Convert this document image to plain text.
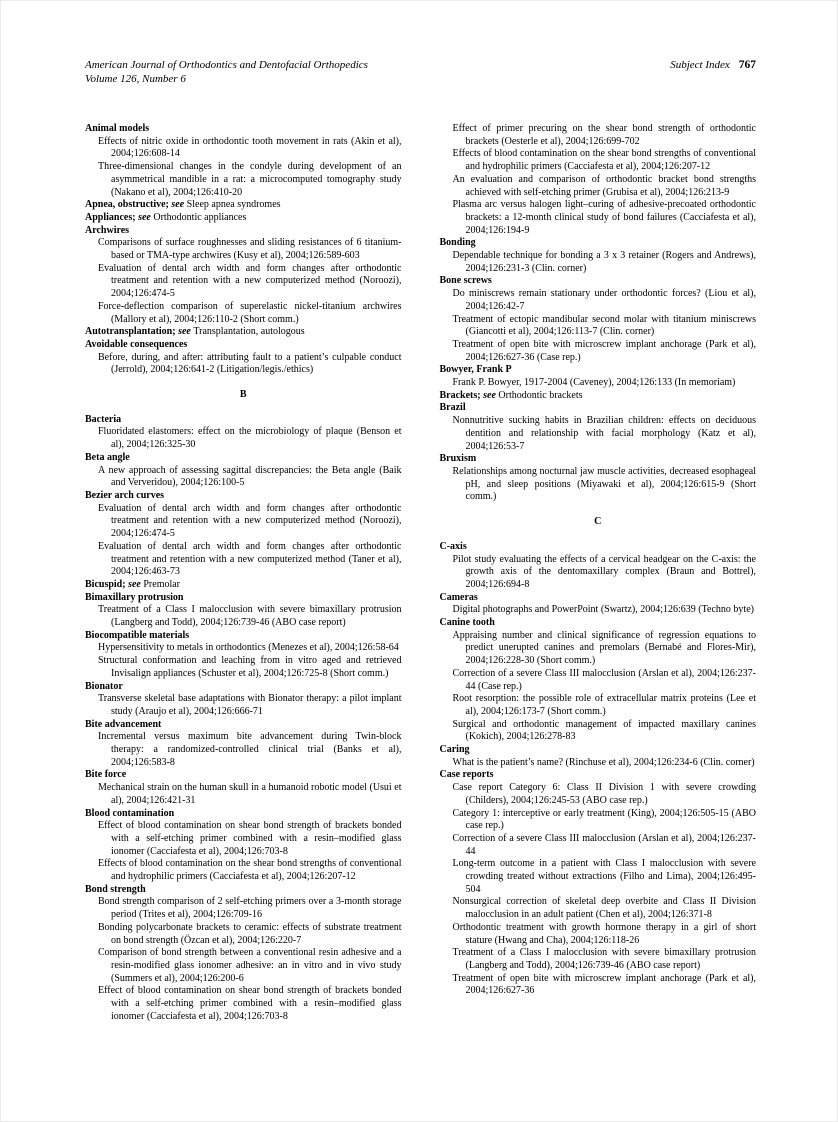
American Journal of Orthodontics and Dentofacial Orthopedics
Volume 126, Number 6
Subject Index 767
Animal models
Effects of nitric oxide in orthodontic tooth movement in rats (Akin et al), 2004;126:608-14
Three-dimensional changes in the condyle during development of an asymmetrical mandible in a rat: a microcomputed tomography study (Nakano et al), 2004;126:410-20
Apnea, obstructive; see Sleep apnea syndromes
Appliances; see Orthodontic appliances
Archwires
Comparisons of surface roughnesses and sliding resistances of 6 titanium-based or TMA-type archwires (Kusy et al), 2004;126:589-603
Evaluation of dental arch width and form changes after orthodontic treatment and retention with a new computerized method (Noroozi), 2004;126:474-5
Force-deflection comparison of superelastic nickel-titanium archwires (Mallory et al), 2004;126:110-2 (Short comm.)
Autotransplantation; see Transplantation, autologous
Avoidable consequences
Before, during, and after: attributing fault to a patient’s culpable conduct (Jerrold), 2004;126:641-2 (Litigation/legis./ethics)
B
Bacteria
Fluoridated elastomers: effect on the microbiology of plaque (Benson et al), 2004;126:325-30
Beta angle
A new approach of assessing sagittal discrepancies: the Beta angle (Baik and Ververidou), 2004;126:100-5
Bezier arch curves
Evaluation of dental arch width and form changes after orthodontic treatment and retention with a new computerized method (Noroozi), 2004;126:474-5
Evaluation of dental arch width and form changes after orthodontic treatment and retention with a new computerized method (Taner et al), 2004;126:463-73
Bicuspid; see Premolar
Bimaxillary protrusion
Treatment of a Class I malocclusion with severe bimaxillary protrusion (Langberg and Todd), 2004;126:739-46 (ABO case report)
Biocompatible materials
Hypersensitivity to metals in orthodontics (Menezes et al), 2004;126:58-64
Structural conformation and leaching from in vitro aged and retrieved Invisalign appliances (Schuster et al), 2004;126:725-8 (Short comm.)
Bionator
Transverse skeletal base adaptations with Bionator therapy: a pilot implant study (Araujo et al), 2004;126:666-71
Bite advancement
Incremental versus maximum bite advancement during Twin-block therapy: a randomized-controlled clinical trial (Banks et al), 2004;126:583-8
Bite force
Mechanical strain on the human skull in a humanoid robotic model (Usui et al), 2004;126:421-31
Blood contamination
Effect of blood contamination on shear bond strength of brackets bonded with a self-etching primer combined with a resin–modified glass ionomer (Cacciafesta et al), 2004;126:703-8
Effects of blood contamination on the shear bond strengths of conventional and hydrophilic primers (Cacciafesta et al), 2004;126:207-12
Bond strength
Bond strength comparison of 2 self-etching primers over a 3-month storage period (Trites et al), 2004;126:709-16
Bonding polycarbonate brackets to ceramic: effects of substrate treatment on bond strength (Özcan et al), 2004;126:220-7
Comparison of bond strength between a conventional resin adhesive and a resin-modified glass ionomer adhesive: an in vitro and in vivo study (Summers et al), 2004;126:200-6
Effect of blood contamination on shear bond strength of brackets bonded with a self-etching primer combined with a resin–modified glass ionomer (Cacciafesta et al), 2004;126:703-8
Effect of primer precuring on the shear bond strength of orthodontic brackets (Oesterle et al), 2004;126:699-702
Effects of blood contamination on the shear bond strengths of conventional and hydrophilic primers (Cacciafesta et al), 2004;126:207-12
An evaluation and comparison of orthodontic bracket bond strengths achieved with self-etching primer (Grubisa et al), 2004;126:213-9
Plasma arc versus halogen light–curing of adhesive-precoated orthodontic brackets: a 12-month clinical study of bond failures (Cacciafesta et al), 2004;126:194-9
Bonding
Dependable technique for bonding a 3 x 3 retainer (Rogers and Andrews), 2004;126:231-3 (Clin. corner)
Bone screws
Do miniscrews remain stationary under orthodontic forces? (Liou et al), 2004;126:42-7
Treatment of ectopic mandibular second molar with titanium miniscrews (Giancotti et al), 2004;126:113-7 (Clin. corner)
Treatment of open bite with microscrew implant anchorage (Park et al), 2004;126:627-36 (Case rep.)
Bowyer, Frank P
Frank P. Bowyer, 1917-2004 (Caveney), 2004;126:133 (In memoriam)
Brackets; see Orthodontic brackets
Brazil
Nonnutritive sucking habits in Brazilian children: effects on deciduous dentition and relationship with facial morphology (Katz et al), 2004;126:53-7
Bruxism
Relationships among nocturnal jaw muscle activities, decreased esophageal pH, and sleep positions (Miyawaki et al), 2004;126:615-9 (Short comm.)
C
C-axis
Pilot study evaluating the effects of a cervical headgear on the C-axis: the growth axis of the dentomaxillary complex (Braun and Bottrel), 2004;126:694-8
Cameras
Digital photographs and PowerPoint (Swartz), 2004;126:639 (Techno byte)
Canine tooth
Appraising number and clinical significance of regression equations to predict unerupted canines and premolars (Bernabé and Flores-Mir), 2004;126:228-30 (Short comm.)
Correction of a severe Class III malocclusion (Arslan et al), 2004;126:237-44 (Case rep.)
Root resorption: the possible role of extracellular matrix proteins (Lee et al), 2004;126:173-7 (Short comm.)
Surgical and orthodontic management of impacted maxillary canines (Kokich), 2004;126:278-83
Caring
What is the patient’s name? (Rinchuse et al), 2004;126:234-6 (Clin. corner)
Case reports
Case report Category 6: Class II Division 1 with severe crowding (Childers), 2004;126:245-53 (ABO case rep.)
Category 1: interceptive or early treatment (King), 2004;126:505-15 (ABO case rep.)
Correction of a severe Class III malocclusion (Arslan et al), 2004;126:237-44
Long-term outcome in a patient with Class I malocclusion with severe crowding treated without extractions (Filho and Lima), 2004;126:495-504
Nonsurgical correction of skeletal deep overbite and Class II Division malocclusion in an adult patient (Chen et al), 2004;126:371-8
Orthodontic treatment with growth hormone therapy in a girl of short stature (Hwang and Cha), 2004;126:118-26
Treatment of a Class I malocclusion with severe bimaxillary protrusion (Langberg and Todd), 2004;126:739-46 (ABO case report)
Treatment of open bite with microscrew implant anchorage (Park et al), 2004;126:627-36
